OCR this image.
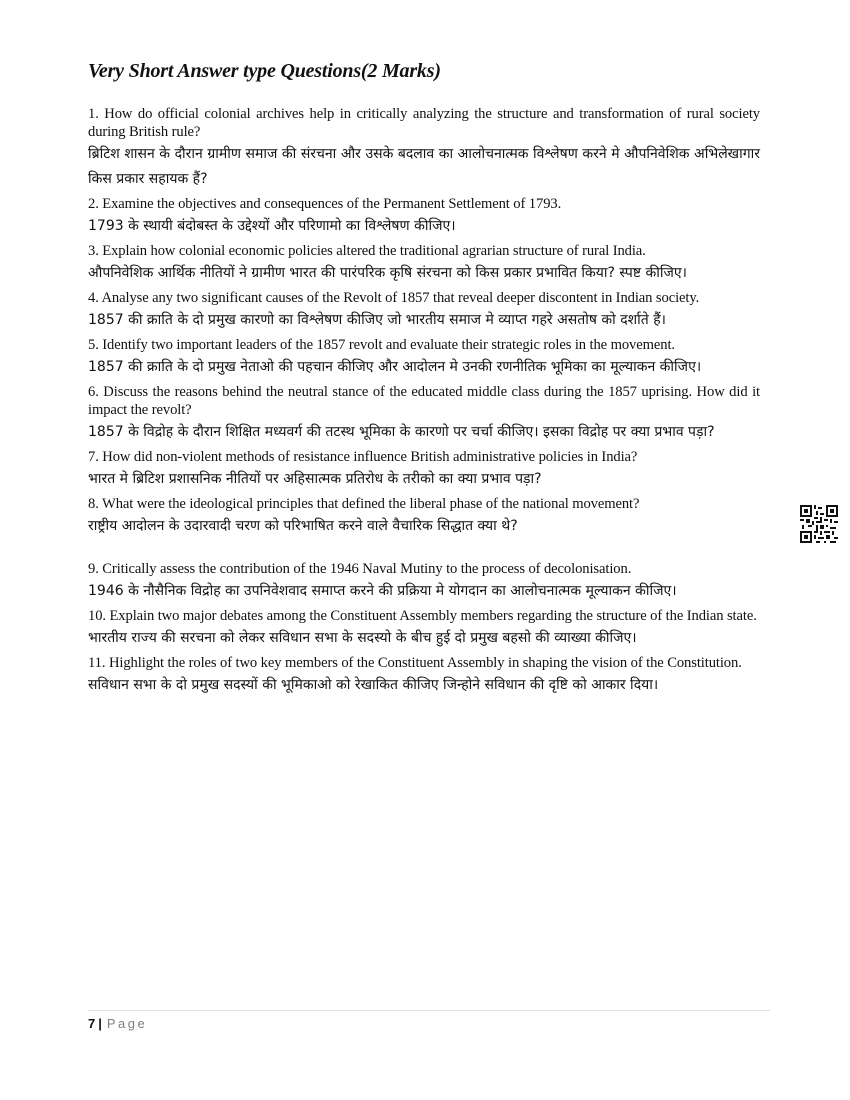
Very Short Answer type Questions(2 Marks)
1. How do official colonial archives help in critically analyzing the structure and transformation of rural society during British rule?
ब्रिटिश शासन के दौरान ग्रामीण समाज की संरचना और उसके बदलाव का आलोचनात्मक विश्लेषण करने मे औपनिवेशिक अभिलेखागार किस प्रकार सहायक हैं?
2. Examine the objectives and consequences of the Permanent Settlement of 1793.
1793 के स्थायी बंदोबस्त के उद्देश्यों और परिणामो का विश्लेषण कीजिए।
3. Explain how colonial economic policies altered the traditional agrarian structure of rural India.
औपनिवेशिक आर्थिक नीतियों ने ग्रामीण भारत की पारंपरिक कृषि संरचना को किस प्रकार प्रभावित किया? स्पष्ट कीजिए।
4. Analyse any two significant causes of the Revolt of 1857 that reveal deeper discontent in Indian society.
1857 की क्राति के दो प्रमुख कारणो का विश्लेषण कीजिए जो भारतीय समाज मे व्याप्त गहरे असतोष को दर्शाते हैं।
5. Identify two important leaders of the 1857 revolt and evaluate their strategic roles in the movement.
1857 की क्राति के दो प्रमुख नेताओ की पहचान कीजिए और आदोलन मे उनकी रणनीतिक भूमिका का मूल्याकन कीजिए।
6. Discuss the reasons behind the neutral stance of the educated middle class during the 1857 uprising. How did it impact the revolt?
1857 के विद्रोह के दौरान शिक्षित मध्यवर्ग की तटस्थ भूमिका के कारणो पर चर्चा कीजिए। इसका विद्रोह पर क्या प्रभाव पड़ा?
7. How did non-violent methods of resistance influence British administrative policies in India?
भारत मे ब्रिटिश प्रशासनिक नीतियों पर अहिसात्मक प्रतिरोध के तरीको का क्या प्रभाव पड़ा?
8. What were the ideological principles that defined the liberal phase of the national movement?
राष्ट्रीय आदोलन के उदारवादी चरण को परिभाषित करने वाले वैचारिक सिद्धात क्या थे?
9. Critically assess the contribution of the 1946 Naval Mutiny to the process of decolonisation.
1946 के नौसैनिक विद्रोह का उपनिवेशवाद समाप्त करने की प्रक्रिया मे योगदान का आलोचनात्मक मूल्याकन कीजिए।
10. Explain two major debates among the Constituent Assembly members regarding the structure of the Indian state.
भारतीय राज्य की सरचना को लेकर सविधान सभा के सदस्यो के बीच हुई दो प्रमुख बहसो की व्याख्या कीजिए।
11. Highlight the roles of two key members of the Constituent Assembly in shaping the vision of the Constitution.
सविधान सभा के दो प्रमुख सदस्यों की भूमिकाओ को रेखाकित कीजिए जिन्होने सविधान की दृष्टि को आकार दिया।
7 | Page
